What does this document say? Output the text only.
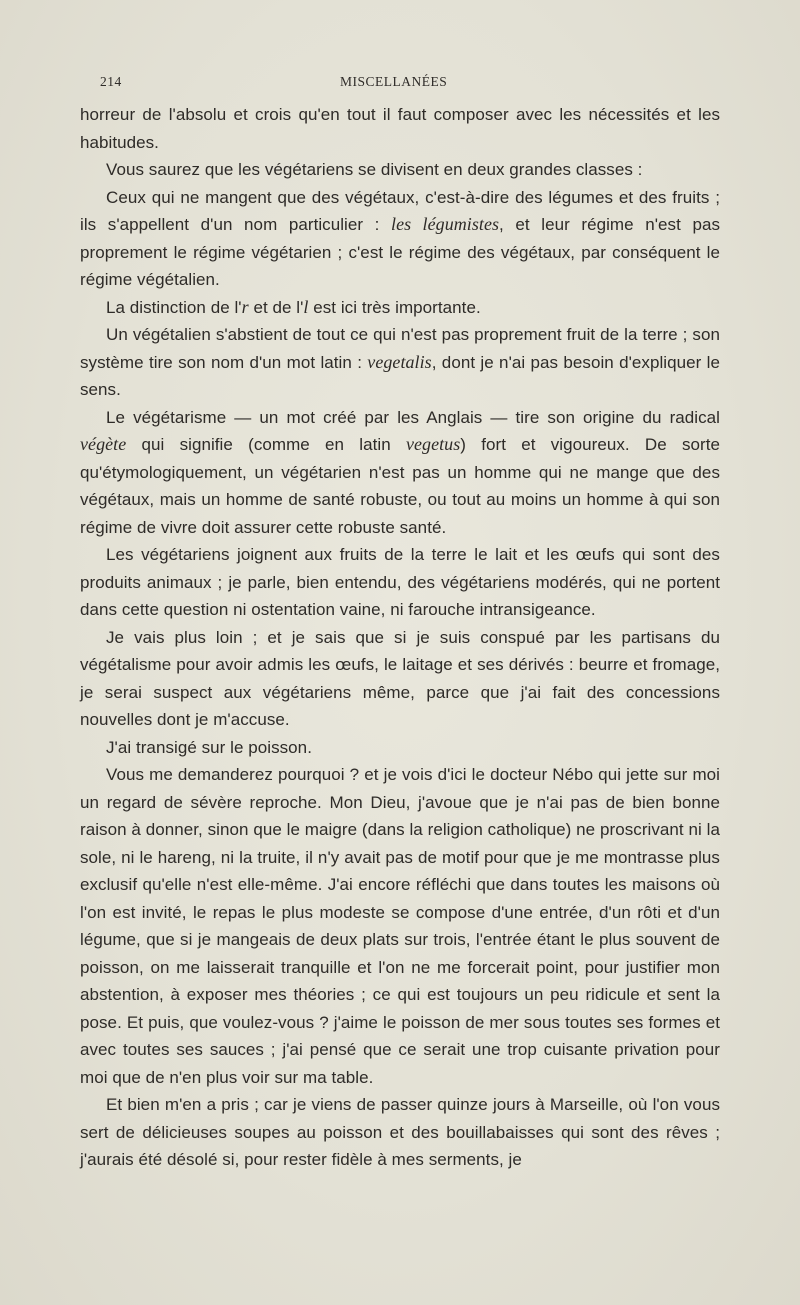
214	MISCELLANÉES

horreur de l'absolu et crois qu'en tout il faut composer avec les nécessités et les habitudes.

Vous saurez que les végétariens se divisent en deux grandes classes :

Ceux qui ne mangent que des végétaux, c'est-à-dire des légumes et des fruits ; ils s'appellent d'un nom particulier : les légumistes, et leur régime n'est pas proprement le régime végétarien ; c'est le régime des végétaux, par conséquent le régime végétalien.

La distinction de l'r et de l'l est ici très importante.

Un végétalien s'abstient de tout ce qui n'est pas proprement fruit de la terre ; son système tire son nom d'un mot latin : vegetalis, dont je n'ai pas besoin d'expliquer le sens.

Le végétarisme — un mot créé par les Anglais — tire son origine du radical végète qui signifie (comme en latin vegetus) fort et vigoureux. De sorte qu'étymologiquement, un végétarien n'est pas un homme qui ne mange que des végétaux, mais un homme de santé robuste, ou tout au moins un homme à qui son régime de vivre doit assurer cette robuste santé.

Les végétariens joignent aux fruits de la terre le lait et les œufs qui sont des produits animaux ; je parle, bien entendu, des végétariens modérés, qui ne portent dans cette question ni ostentation vaine, ni farouche intransigeance.

Je vais plus loin ; et je sais que si je suis conspué par les partisans du végétalisme pour avoir admis les œufs, le laitage et ses dérivés : beurre et fromage, je serai suspect aux végétariens même, parce que j'ai fait des concessions nouvelles dont je m'accuse.

J'ai transigé sur le poisson.

Vous me demanderez pourquoi ? et je vois d'ici le docteur Nébo qui jette sur moi un regard de sévère reproche. Mon Dieu, j'avoue que je n'ai pas de bien bonne raison à donner, sinon que le maigre (dans la religion catholique) ne proscrivant ni la sole, ni le hareng, ni la truite, il n'y avait pas de motif pour que je me montrasse plus exclusif qu'elle n'est elle-même. J'ai encore réfléchi que dans toutes les maisons où l'on est invité, le repas le plus modeste se compose d'une entrée, d'un rôti et d'un légume, que si je mangeais de deux plats sur trois, l'entrée étant le plus souvent de poisson, on me laisserait tranquille et l'on ne me forcerait point, pour justifier mon abstention, à exposer mes théories ; ce qui est toujours un peu ridicule et sent la pose. Et puis, que voulez-vous ? j'aime le poisson de mer sous toutes ses formes et avec toutes ses sauces ; j'ai pensé que ce serait une trop cuisante privation pour moi que de n'en plus voir sur ma table.

Et bien m'en a pris ; car je viens de passer quinze jours à Marseille, où l'on vous sert de délicieuses soupes au poisson et des bouillabaisses qui sont des rêves ; j'aurais été désolé si, pour rester fidèle à mes serments, je
